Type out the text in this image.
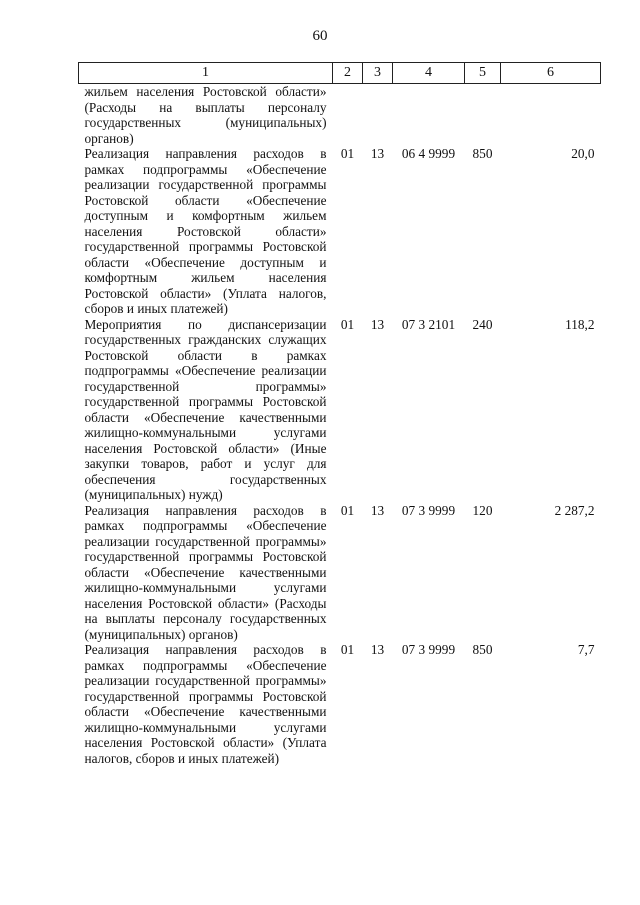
60
1	2	3	4	5	6
жильем населения Ростовской области» (Расходы на выплаты персоналу государственных (муниципальных) органов)					
Реализация направления расходов в рамках подпрограммы «Обеспечение реализации государственной программы Ростовской области «Обеспечение доступным и комфортным жильем населения Ростовской области» государственной программы Ростовской области «Обеспечение доступным и комфортным жильем населения Ростовской области» (Уплата налогов, сборов и иных платежей)	01	13	06 4 9999	850	20,0
Мероприятия по диспансеризации государственных гражданских служащих Ростовской области в рамках подпрограммы «Обеспечение реализации государственной программы» государственной программы Ростовской области «Обеспечение качественными жилищно-коммунальными услугами населения Ростовской области» (Иные закупки товаров, работ и услуг для обеспечения государственных (муниципальных) нужд)	01	13	07 3 2101	240	118,2
Реализация направления расходов в рамках подпрограммы «Обеспечение реализации государственной программы» государственной программы Ростовской области «Обеспечение качественными жилищно-коммунальными услугами населения Ростовской области» (Расходы на выплаты персоналу государственных (муниципальных) органов)	01	13	07 3 9999	120	2 287,2
Реализация направления расходов в рамках подпрограммы «Обеспечение реализации государственной программы» государственной программы Ростовской области «Обеспечение качественными жилищно-коммунальными услугами населения Ростовской области» (Уплата налогов, сборов и иных платежей)	01	13	07 3 9999	850	7,7
